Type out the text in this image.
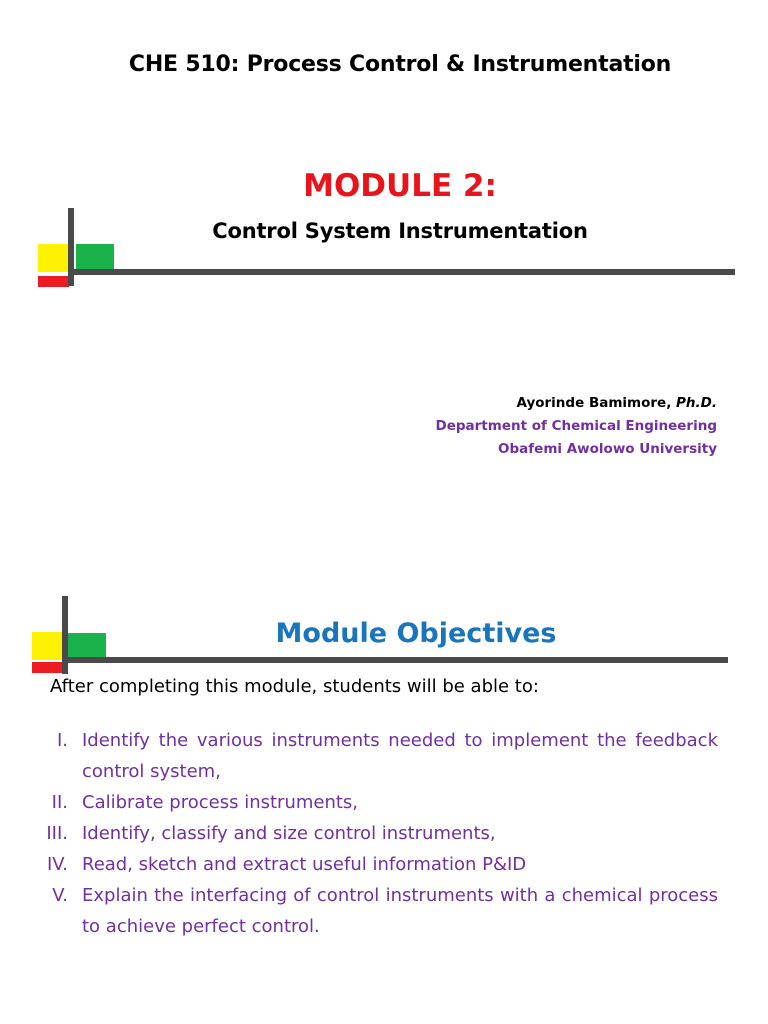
CHE 510: Process Control & Instrumentation
MODULE 2:
Control System Instrumentation
Ayorinde Bamimore, Ph.D.
Department of Chemical Engineering
Obafemi Awolowo University
Module Objectives
After completing this module, students will be able to:
I. Identify the various instruments needed to implement the feedback control system,
II. Calibrate process instruments,
III. Identify, classify and size control instruments,
IV. Read, sketch and extract useful information P&ID
V. Explain the interfacing of control instruments with a chemical process to achieve perfect control.
